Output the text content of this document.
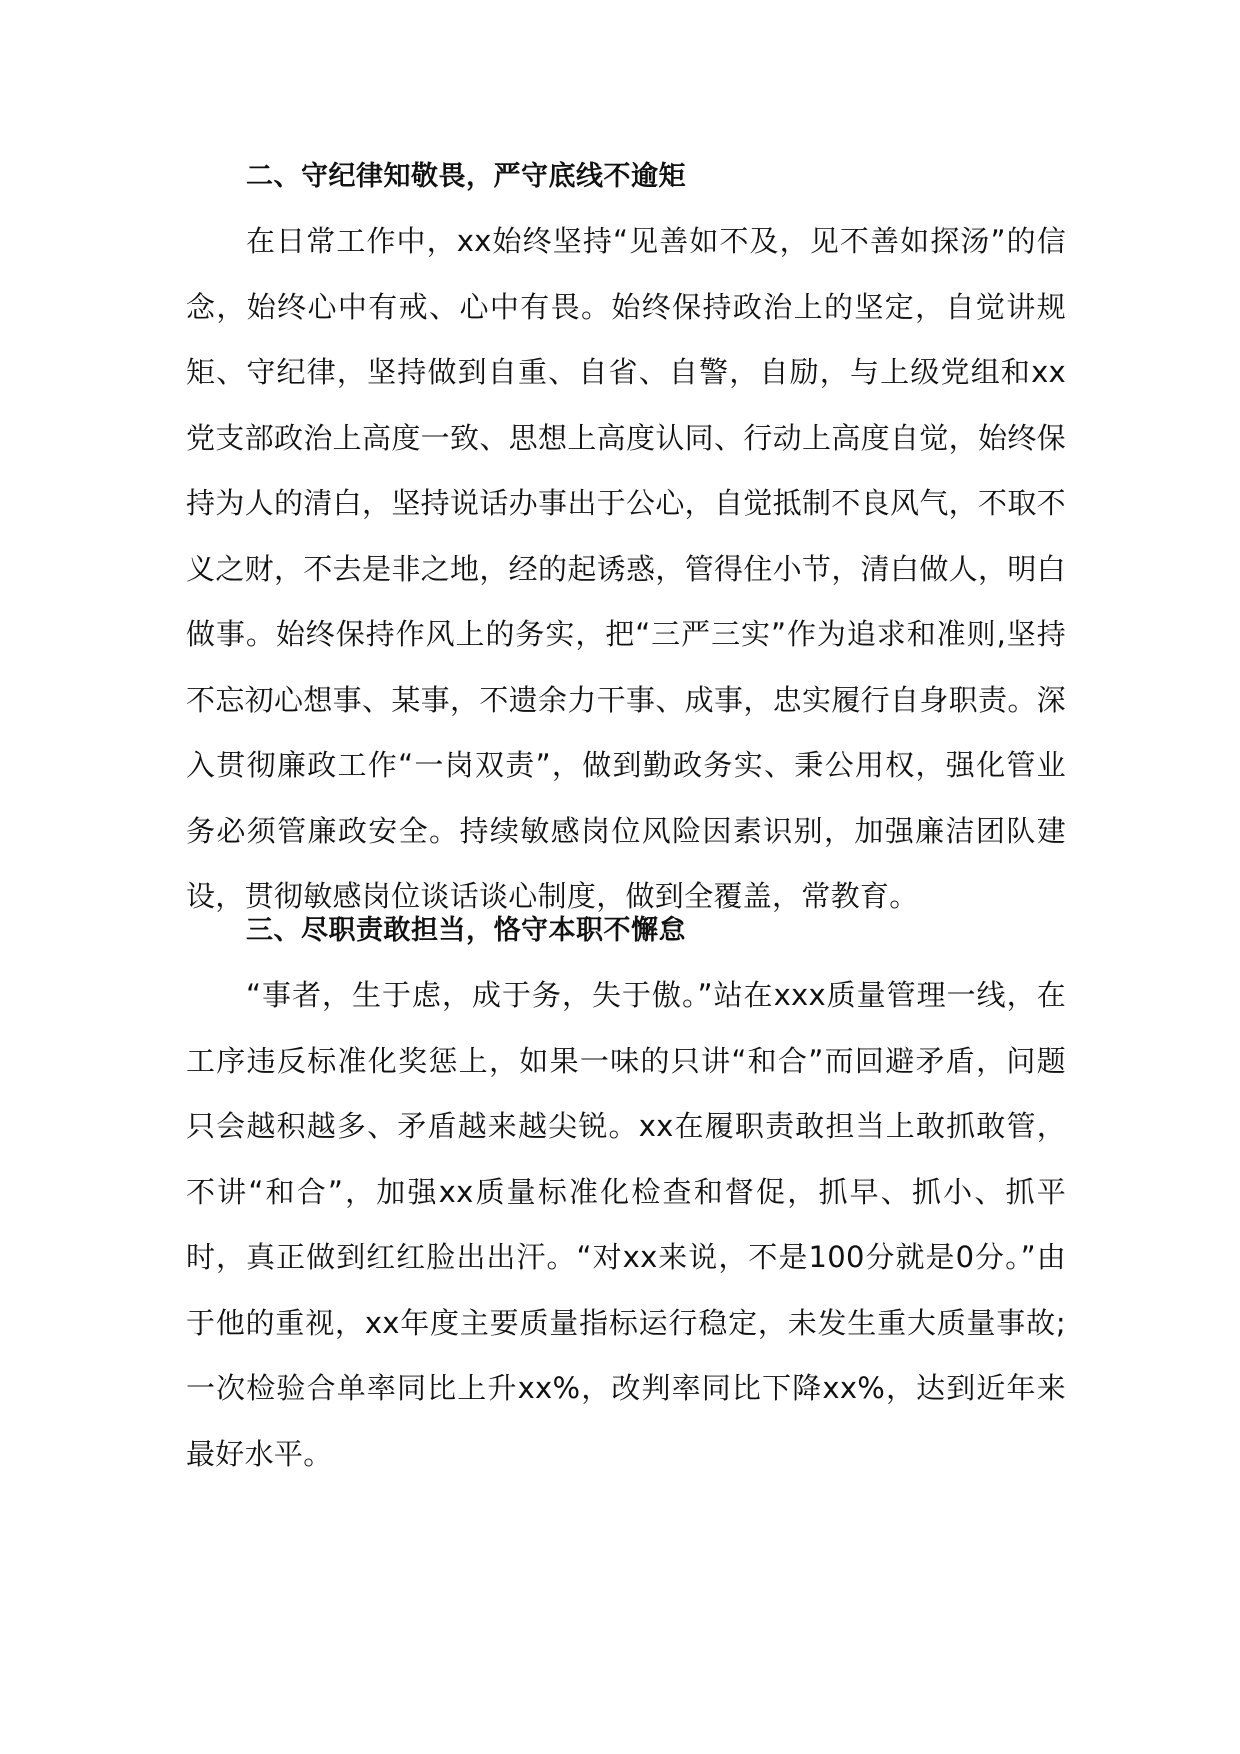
二、守纪律知敬畏，严守底线不逾矩

在日常工作中，xx始终坚持“见善如不及，见不善如探汤”的信念，始终心中有戒、心中有畏。始终保持政治上的坚定，自觉讲规矩、守纪律，坚持做到自重、自省、自警，自励，与上级党组和xx党支部政治上高度一致、思想上高度认同、行动上高度自觉，始终保持为人的清白，坚持说话办事出于公心，自觉抵制不良风气，不取不义之财，不去是非之地，经的起诱惑，管得住小节，清白做人，明白做事。始终保持作风上的务实，把“三严三实”作为追求和准则,坚持不忘初心想事、某事，不遗余力干事、成事，忠实履行自身职责。深入贯彻廉政工作“一岗双责”，做到勤政务实、秉公用权，强化管业务必须管廉政安全。持续敏感岗位风险因素识别，加强廉洁团队建设，贯彻敏感岗位谈话谈心制度，做到全覆盖，常教育。

三、尽职责敢担当，恪守本职不懈怠

“事者，生于虑，成于务，失于傲。”站在xxx质量管理一线，在工序违反标准化奖惩上，如果一味的只讲“和合”而回避矛盾，问题只会越积越多、矛盾越来越尖锐。xx在履职责敢担当上敢抓敢管，不讲“和合”，加强xx质量标准化检查和督促，抓早、抓小、抓平时，真正做到红红脸出出汗。“对xx来说，不是100分就是0分。”由于他的重视，xx年度主要质量指标运行稳定，未发生重大质量事故;一次检验合单率同比上升xx%，改判率同比下降xx%，达到近年来最好水平。
